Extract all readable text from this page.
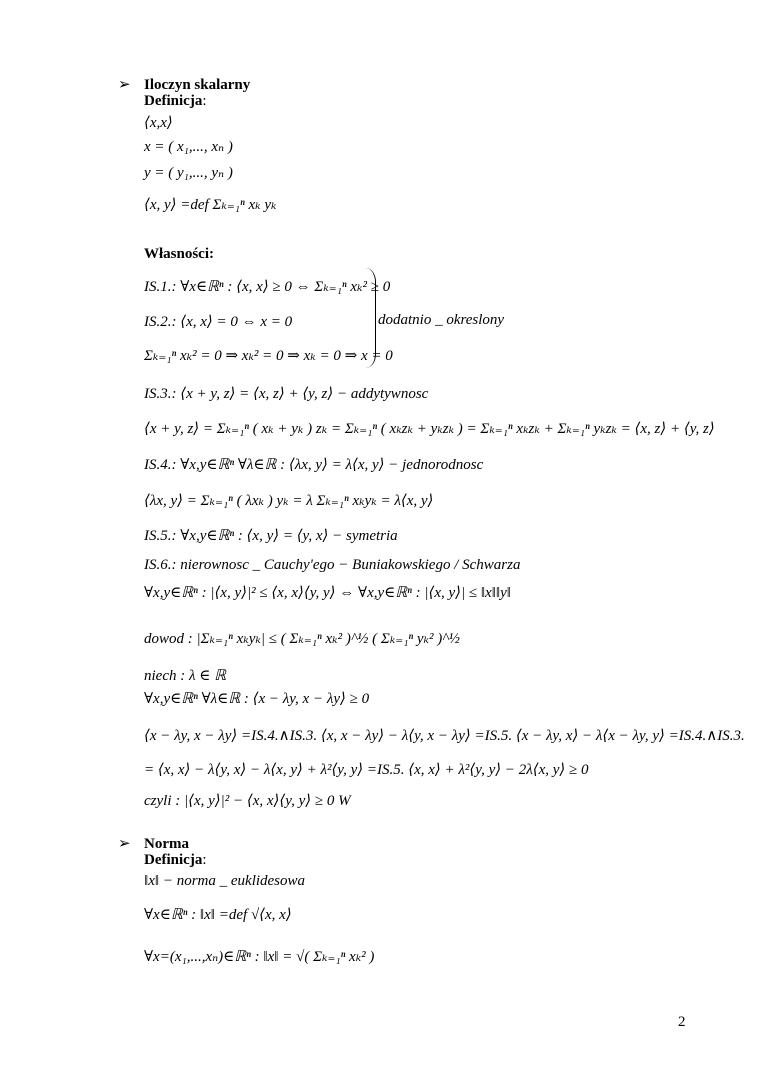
➢ Iloczyn skalarny
Definicja:
⟨x,x⟩
x = ( x₁,..., xₙ )
y = ( y₁,..., yₙ )
⟨x, y⟩ =def Σₖ₌₁ⁿ xₖ yₖ
Własności:
IS.1.: ∀x∈ℝⁿ : ⟨x, x⟩ ≥ 0 ⇔ Σₖ₌₁ⁿ xₖ² ≥ 0
IS.2.: ⟨x, x⟩ = 0 ⇔ x = 0
Σₖ₌₁ⁿ xₖ² = 0 ⇒ xₖ² = 0 ⇒ xₖ = 0 ⇒ x = 0
dodatnio _ okreslony
IS.3.: ⟨x + y, z⟩ = ⟨x, z⟩ + ⟨y, z⟩ − addytywnosc
⟨x + y, z⟩ = Σₖ₌₁ⁿ ( xₖ + yₖ ) zₖ = Σₖ₌₁ⁿ ( xₖzₖ + yₖzₖ ) = Σₖ₌₁ⁿ xₖzₖ + Σₖ₌₁ⁿ yₖzₖ = ⟨x, z⟩ + ⟨y, z⟩
IS.4.: ∀x,y∈ℝⁿ ∀λ∈ℝ : ⟨λx, y⟩ = λ⟨x, y⟩ − jednorodnosc
⟨λx, y⟩ = Σₖ₌₁ⁿ ( λxₖ ) yₖ = λ Σₖ₌₁ⁿ xₖyₖ = λ⟨x, y⟩
IS.5.: ∀x,y∈ℝⁿ : ⟨x, y⟩ = ⟨y, x⟩ − symetria
IS.6.: nierownosc _ Cauchy'ego − Buniakowskiego / Schwarza
∀x,y∈ℝⁿ : |⟨x, y⟩|² ≤ ⟨x, x⟩⟨y, y⟩ ⇔ ∀x,y∈ℝⁿ : |⟨x, y⟩| ≤ ‖x‖‖y‖
dowod : |Σₖ₌₁ⁿ xₖyₖ| ≤ ( Σₖ₌₁ⁿ xₖ² )^½ ( Σₖ₌₁ⁿ yₖ² )^½
niech : λ ∈ ℝ
∀x,y∈ℝⁿ ∀λ∈ℝ : ⟨x − λy, x − λy⟩ ≥ 0
⟨x − λy, x − λy⟩ =IS.4.∧IS.3. ⟨x, x − λy⟩ − λ⟨y, x − λy⟩ =IS.5. ⟨x − λy, x⟩ − λ⟨x − λy, y⟩ =IS.4.∧IS.3.
= ⟨x, x⟩ − λ⟨y, x⟩ − λ⟨x, y⟩ + λ²⟨y, y⟩ =IS.5. ⟨x, x⟩ + λ²⟨y, y⟩ − 2λ⟨x, y⟩ ≥ 0
czyli : |⟨x, y⟩|² − ⟨x, x⟩⟨y, y⟩ ≥ 0 W
➢ Norma
Definicja:
‖x‖ − norma _ euklidesowa
∀x∈ℝⁿ : ‖x‖ =def √⟨x, x⟩
∀x=(x₁,...,xₙ)∈ℝⁿ : ‖x‖ = √( Σₖ₌₁ⁿ xₖ² )
2
